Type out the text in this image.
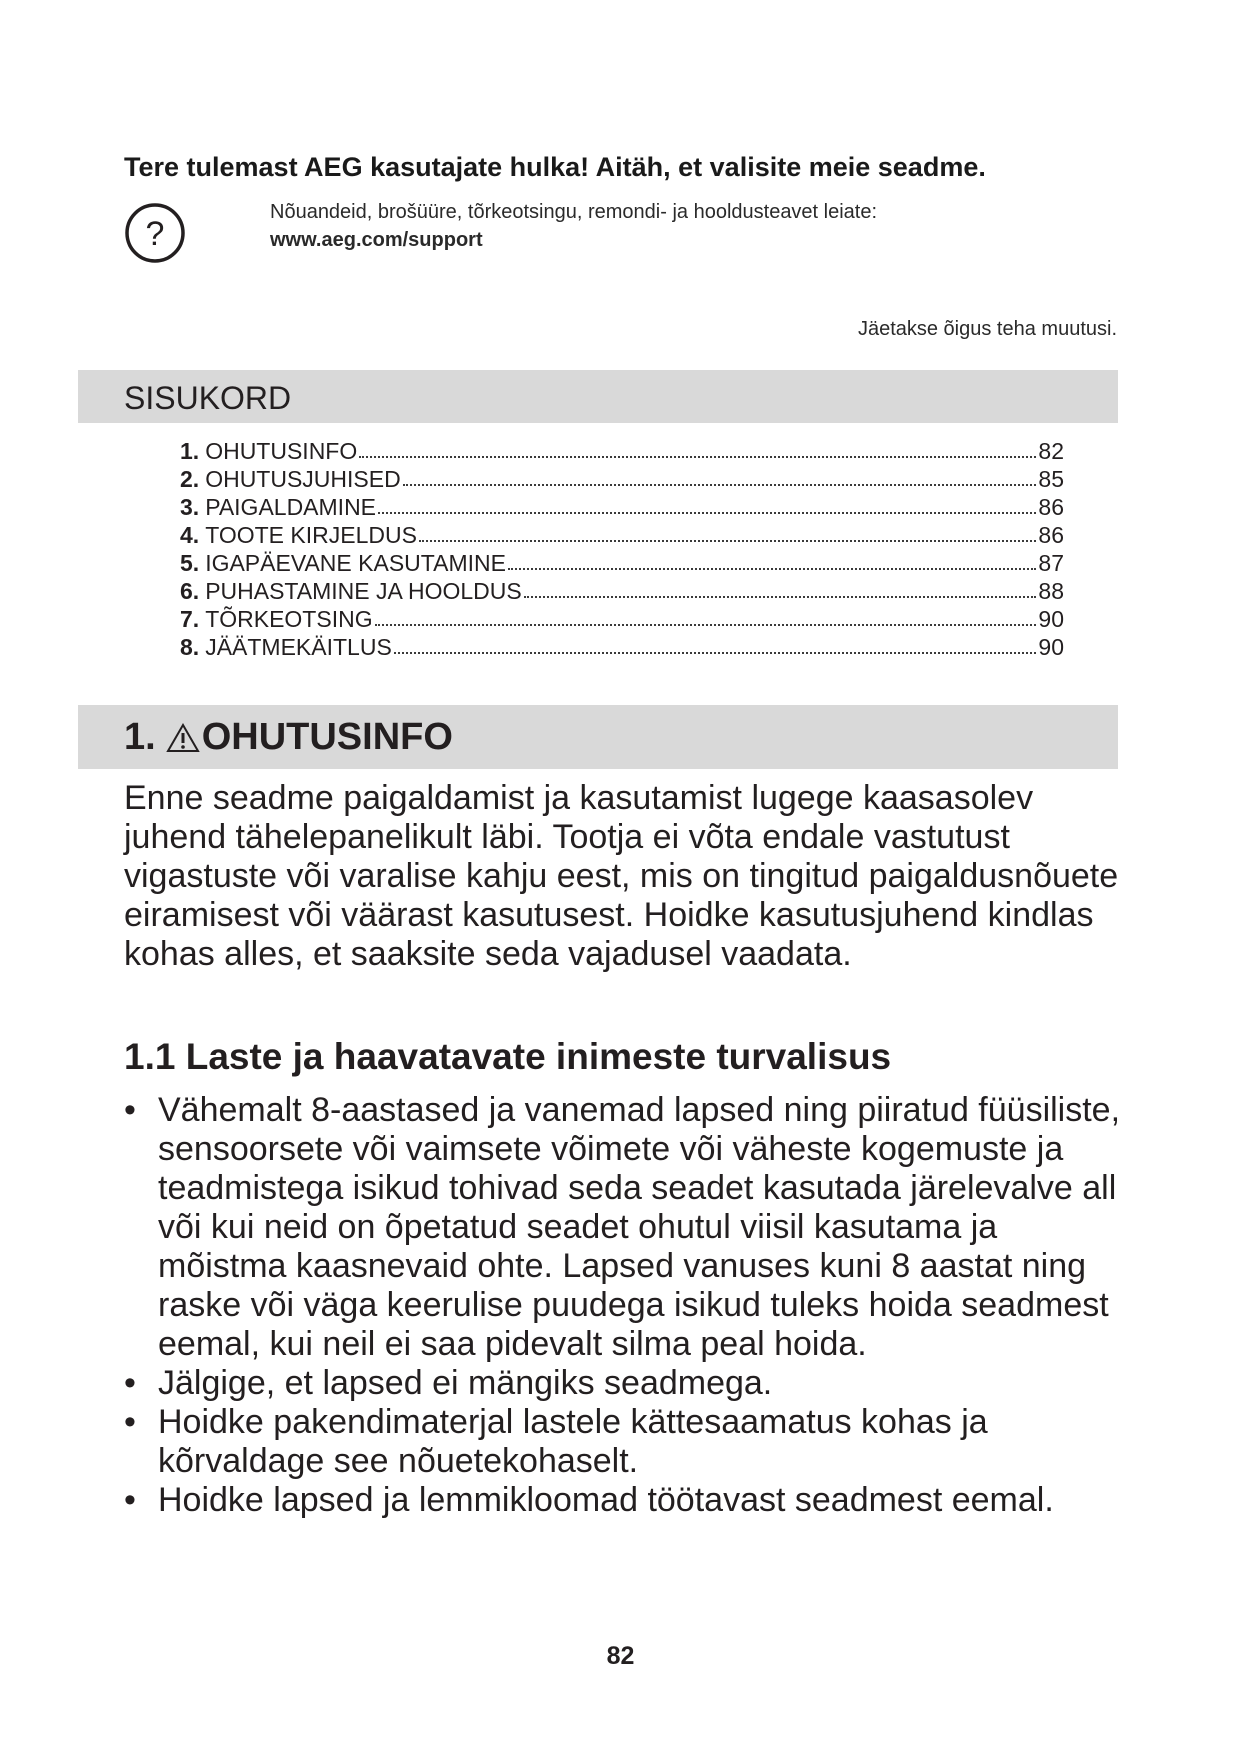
Tere tulemast AEG kasutajate hulka! Aitäh, et valisite meie seadme.
?
Nõuandeid, brošüüre, tõrkeotsingu, remondi- ja hooldusteavet leiate:
www.aeg.com/support
Jäetakse õigus teha muutusi.
SISUKORD
1. OHUTUSINFO	82
2. OHUTUSJUHISED	85
3. PAIGALDAMINE	86
4. TOOTE KIRJELDUS	86
5. IGAPÄEVANE KASUTAMINE	87
6. PUHASTAMINE JA HOOLDUS	88
7. TÕRKEOTSING	90
8. JÄÄTMEKÄITLUS	90
1. OHUTUSINFO

Enne seadme paigaldamist ja kasutamist lugege kaasasolev juhend tähelepanelikult läbi. Tootja ei võta endale vastutust vigastuste või varalise kahju eest, mis on tingitud paigaldusnõuete eiramisest või väärast kasutusest. Hoidke kasutusjuhend kindlas kohas alles, et saaksite seda vajadusel vaadata.

1.1 Laste ja haavatavate inimeste turvalisus
• Vähemalt 8-aastased ja vanemad lapsed ning piiratud füüsiliste, sensoorsete või vaimsete võimete või väheste kogemuste ja teadmistega isikud tohivad seda seadet kasutada järelevalve all või kui neid on õpetatud seadet ohutul viisil kasutama ja mõistma kaasnevaid ohte. Lapsed vanuses kuni 8 aastat ning raske või väga keerulise puudega isikud tuleks hoida seadmest eemal, kui neil ei saa pidevalt silma peal hoida.
• Jälgige, et lapsed ei mängiks seadmega.
• Hoidke pakendimaterjal lastele kättesaamatus kohas ja kõrvaldage see nõuetekohaselt.
• Hoidke lapsed ja lemmikloomad töötavast seadmest eemal.
82
